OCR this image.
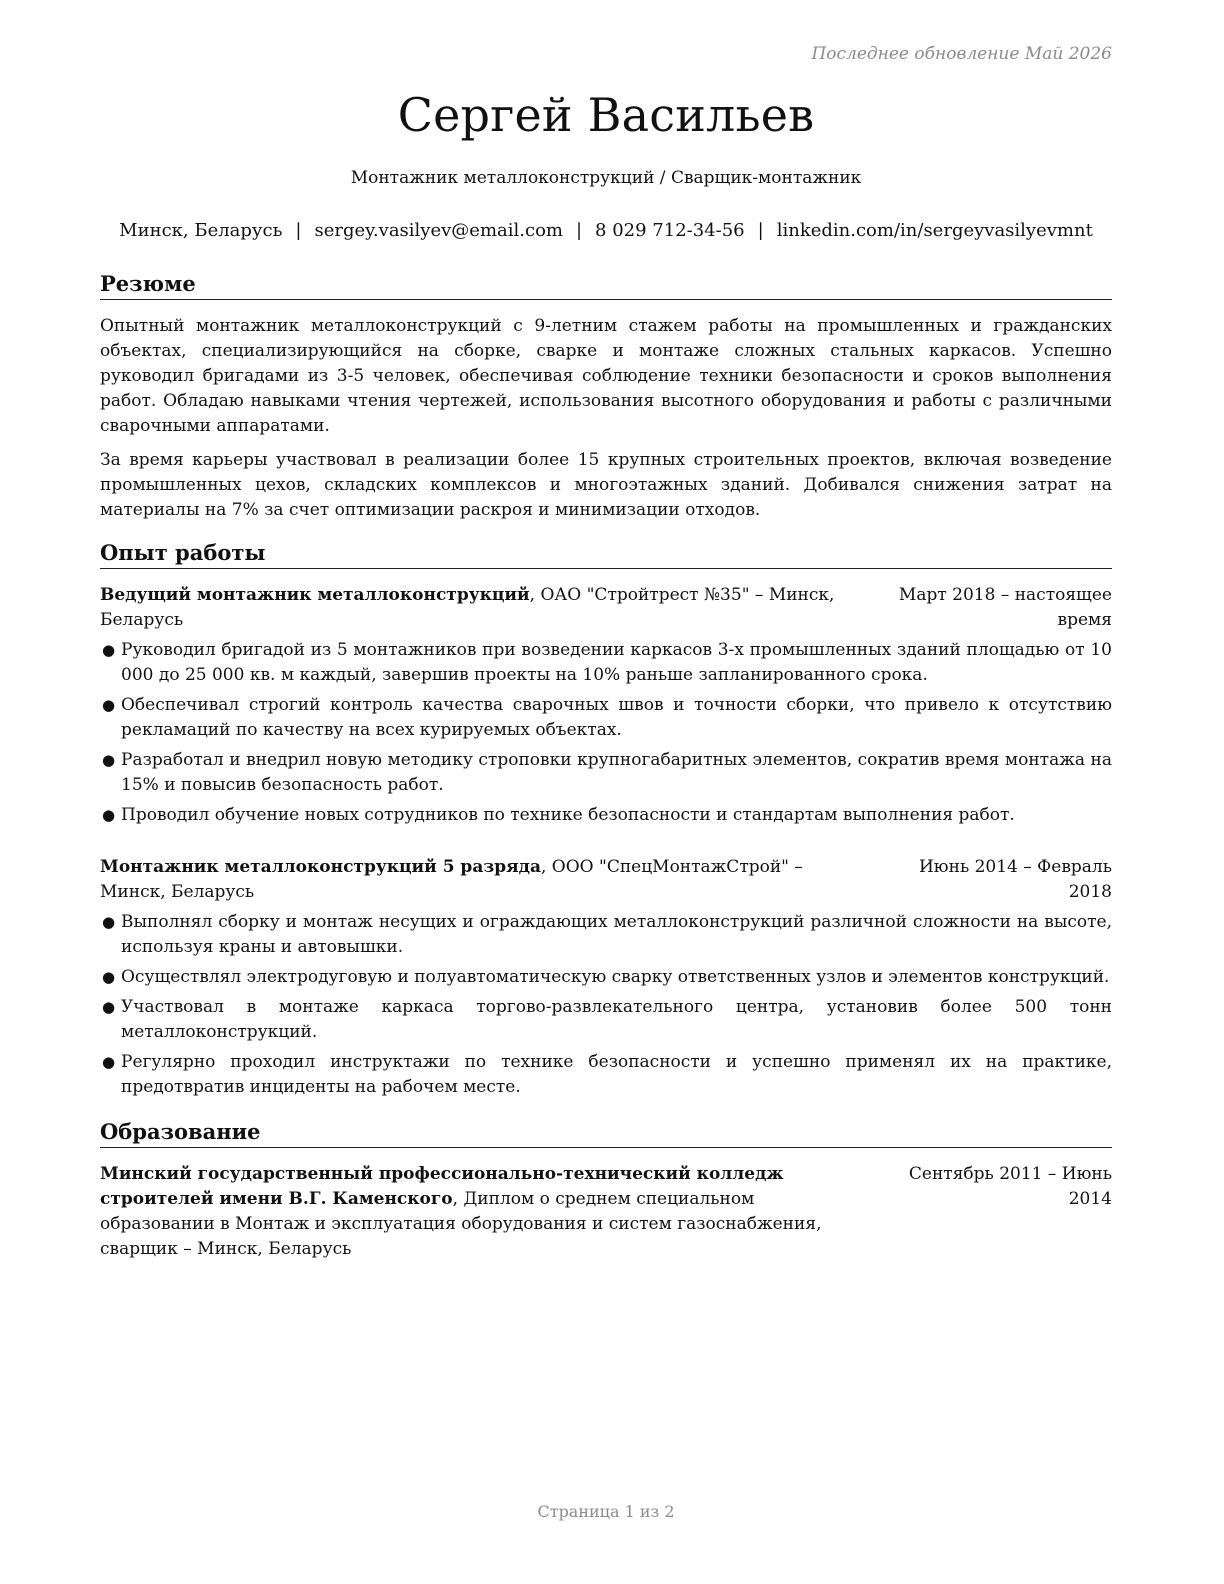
Последнее обновление Май 2026
Сергей Васильев
Монтажник металлоконструкций / Сварщик-монтажник
Минск, Беларусь | sergey.vasilyev@email.com | 8 029 712-34-56 | linkedin.com/in/sergeyvasilyevmnt
Резюме

Опытный монтажник металлоконструкций с 9-летним стажем работы на промышленных и гражданских объектах, специализирующийся на сборке, сварке и монтаже сложных стальных каркасов. Успешно руководил бригадами из 3-5 человек, обеспечивая соблюдение техники безопасности и сроков выполнения работ. Обладаю навыками чтения чертежей, использования высотного оборудования и работы с различными сварочными аппаратами.

За время карьеры участвовал в реализации более 15 крупных строительных проектов, включая возведение промышленных цехов, складских комплексов и многоэтажных зданий. Добивался снижения затрат на материалы на 7% за счет оптимизации раскроя и минимизации отходов.

Опыт работы
Ведущий монтажник металлоконструкций, ОАО "Стройтрест №35" – Минск, Беларусь
Март 2018 – настоящее время
● Руководил бригадой из 5 монтажников при возведении каркасов 3-х промышленных зданий площадью от 10 000 до 25 000 кв. м каждый, завершив проекты на 10% раньше запланированного срока.
● Обеспечивал строгий контроль качества сварочных швов и точности сборки, что привело к отсутствию рекламаций по качеству на всех курируемых объектах.
● Разработал и внедрил новую методику строповки крупногабаритных элементов, сократив время монтажа на 15% и повысив безопасность работ.
● Проводил обучение новых сотрудников по технике безопасности и стандартам выполнения работ.
Монтажник металлоконструкций 5 разряда, ООО "СпецМонтажСтрой" – Минск, Беларусь
Июнь 2014 – Февраль 2018
● Выполнял сборку и монтаж несущих и ограждающих металлоконструкций различной сложности на высоте, используя краны и автовышки.
● Осуществлял электродуговую и полуавтоматическую сварку ответственных узлов и элементов конструкций.
● Участвовал в монтаже каркаса торгово-развлекательного центра, установив более 500 тонн металлоконструкций.
● Регулярно проходил инструктажи по технике безопасности и успешно применял их на практике, предотвратив инциденты на рабочем месте.
Образование
Минский государственный профессионально-технический колледж строителей имени В.Г. Каменского, Диплом о среднем специальном образовании в Монтаж и эксплуатация оборудования и систем газоснабжения, сварщик – Минск, Беларусь
Сентябрь 2011 – Июнь 2014
Страница 1 из 2
